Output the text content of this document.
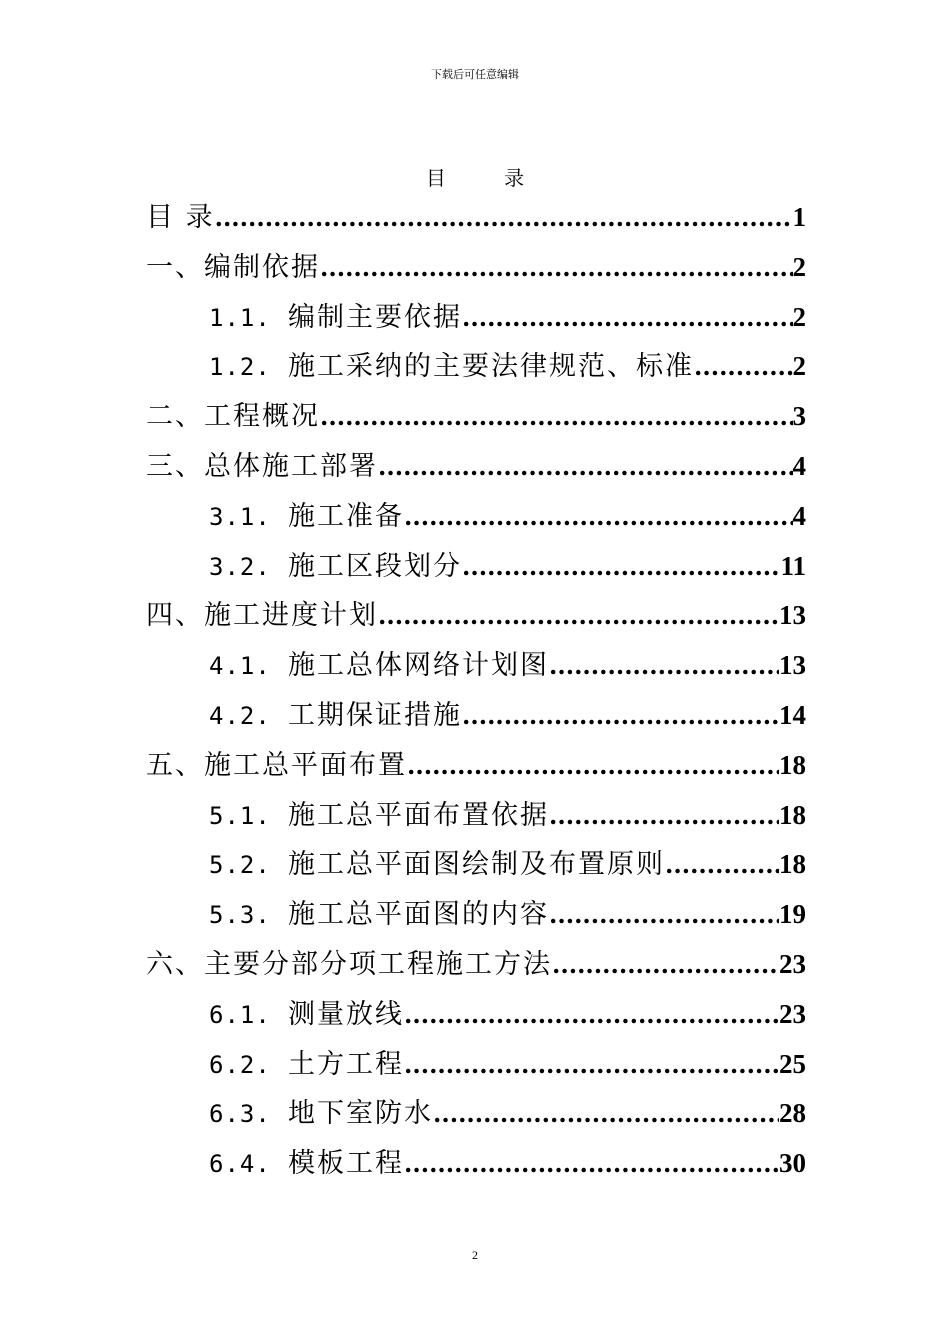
下载后可任意编辑
目 录
目 录 .....	1
一、编制依据 .....	2
1.1. 编制主要依据 .....	2
1.2. 施工采纳的主要法律规范、标准 .....	2
二、工程概况 .....	3
三、总体施工部署 .....	4
3.1. 施工准备 .....	4
3.2. 施工区段划分 .....	11
四、施工进度计划 .....	13
4.1. 施工总体网络计划图 .....	13
4.2. 工期保证措施 .....	14
五、施工总平面布置 .....	18
5.1. 施工总平面布置依据 .....	18
5.2. 施工总平面图绘制及布置原则 .....	18
5.3. 施工总平面图的内容 .....	19
六、主要分部分项工程施工方法 .....	23
6.1. 测量放线 .....	23
6.2. 土方工程 .....	25
6.3. 地下室防水 .....	28
6.4. 模板工程 .....	30
2
